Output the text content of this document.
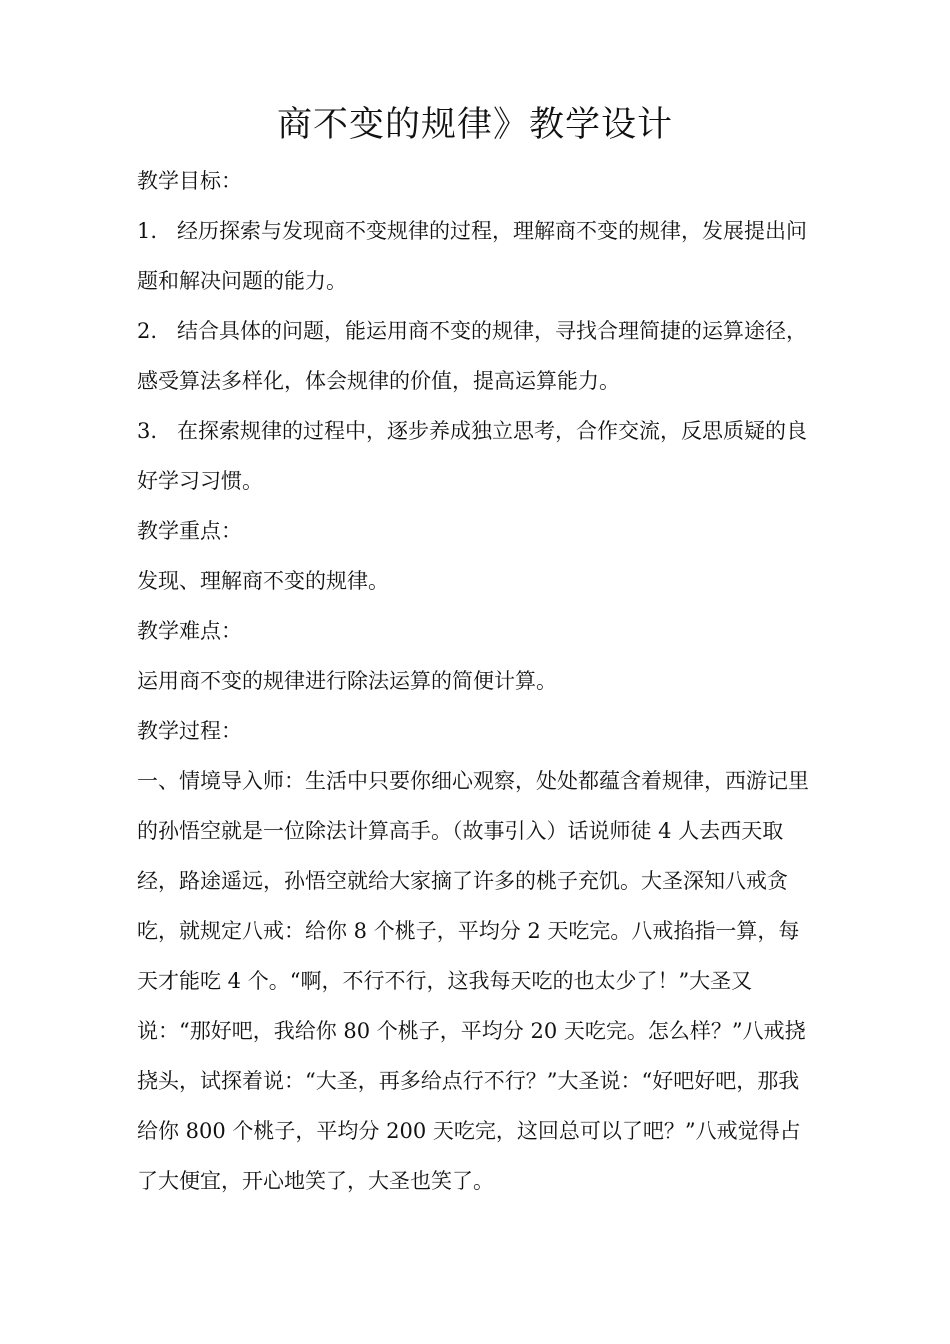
商不变的规律》教学设计

教学目标：

1. 经历探索与发现商不变规律的过程，理解商不变的规律，发展提出问题和解决问题的能力。

2. 结合具体的问题，能运用商不变的规律，寻找合理简捷的运算途径，感受算法多样化，体会规律的价值，提高运算能力。

3. 在探索规律的过程中，逐步养成独立思考，合作交流，反思质疑的良好学习习惯。

教学重点：

发现、理解商不变的规律。

教学难点：

运用商不变的规律进行除法运算的简便计算。

教学过程：

一、情境导入师：生活中只要你细心观察，处处都蕴含着规律，西游记里的孙悟空就是一位除法计算高手。（故事引入）话说师徒 4 人去西天取经，路途遥远，孙悟空就给大家摘了许多的桃子充饥。大圣深知八戒贪吃，就规定八戒：给你 8 个桃子，平均分 2 天吃完。八戒掐指一算，每天才能吃 4 个。“啊，不行不行，这我每天吃的也太少了！”大圣又说：“那好吧，我给你 80 个桃子，平均分 20 天吃完。怎么样？”八戒挠挠头，试探着说：“大圣，再多给点行不行？”大圣说：“好吧好吧，那我给你 800 个桃子，平均分 200 天吃完，这回总可以了吧？”八戒觉得占了大便宜，开心地笑了，大圣也笑了。
